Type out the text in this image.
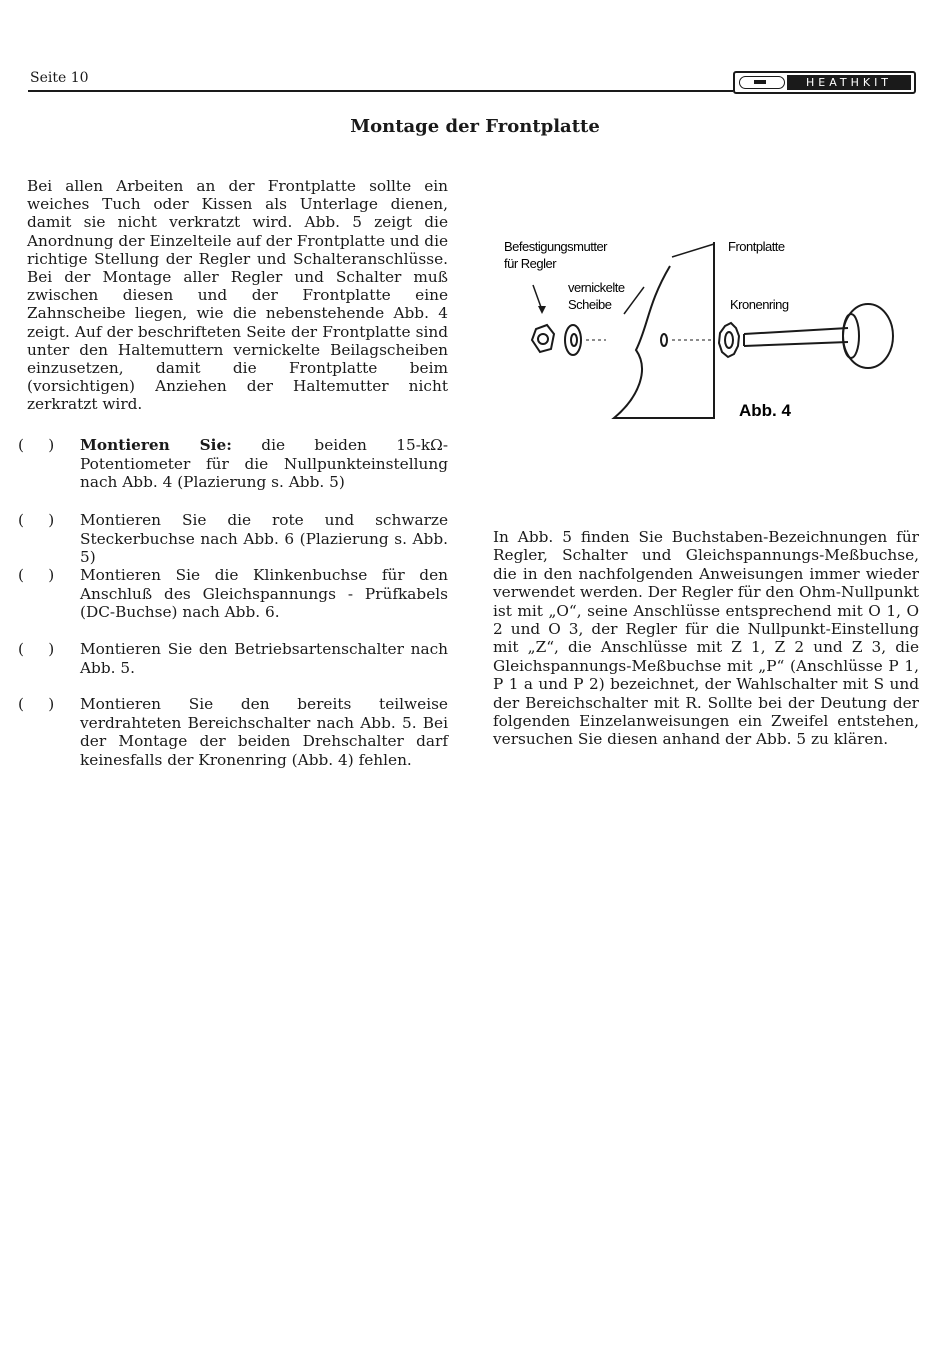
Seite 10	HEATHKIT
Montage der Frontplatte
Bei allen Arbeiten an der Frontplatte sollte ein weiches Tuch oder Kissen als Unterlage dienen, damit sie nicht verkratzt wird. Abb. 5 zeigt die Anordnung der Einzelteile auf der Frontplatte und die richtige Stellung der Regler und Schalteranschlüsse. Bei der Montage aller Regler und Schalter muß zwischen diesen und der Frontplatte eine Zahnscheibe liegen, wie die nebenstehende Abb. 4 zeigt. Auf der beschrifteten Seite der Frontplatte sind unter den Haltemuttern vernickelte Beilagscheiben einzusetzen, damit die Frontplatte beim (vorsichtigen) Anziehen der Haltemutter nicht zerkratzt wird.
(     )	Montieren Sie: die beiden 15-kΩ-Potentiometer für die Nullpunkteinstellung nach Abb. 4 (Plazierung s. Abb. 5)
(     )	Montieren Sie die rote und schwarze Steckerbuchse nach Abb. 6 (Plazierung s. Abb. 5)
(     )	Montieren Sie die Klinkenbuchse für den Anschluß des Gleichspannungs - Prüfkabels (DC-Buchse) nach Abb. 6.
(     )	Montieren Sie den Betriebsartenschalter nach Abb. 5.
(     )	Montieren Sie den bereits teilweise verdrahteten Bereichschalter nach Abb. 5. Bei der Montage der beiden Drehschalter darf keinesfalls der Kronenring (Abb. 4) fehlen.
Befestigungsmutter
für Regler
vernickelte
Scheibe
Frontplatte
Kronenring
Abb. 4
In Abb. 5 finden Sie Buchstaben-Bezeichnungen für Regler, Schalter und Gleichspannungs-Meßbuchse, die in den nachfolgenden Anweisungen immer wieder verwendet werden. Der Regler für den Ohm-Nullpunkt ist mit „O“, seine Anschlüsse entsprechend mit O 1, O 2 und O 3, der Regler für die Nullpunkt-Einstellung mit „Z“, die Anschlüsse mit Z 1, Z 2 und Z 3, die Gleichspannungs-Meßbuchse mit „P“ (Anschlüsse P 1, P 1 a und P 2) bezeichnet, der Wahlschalter mit S und der Bereichschalter mit R. Sollte bei der Deutung der folgenden Einzelanweisungen ein Zweifel entstehen, versuchen Sie diesen anhand der Abb. 5 zu klären.
